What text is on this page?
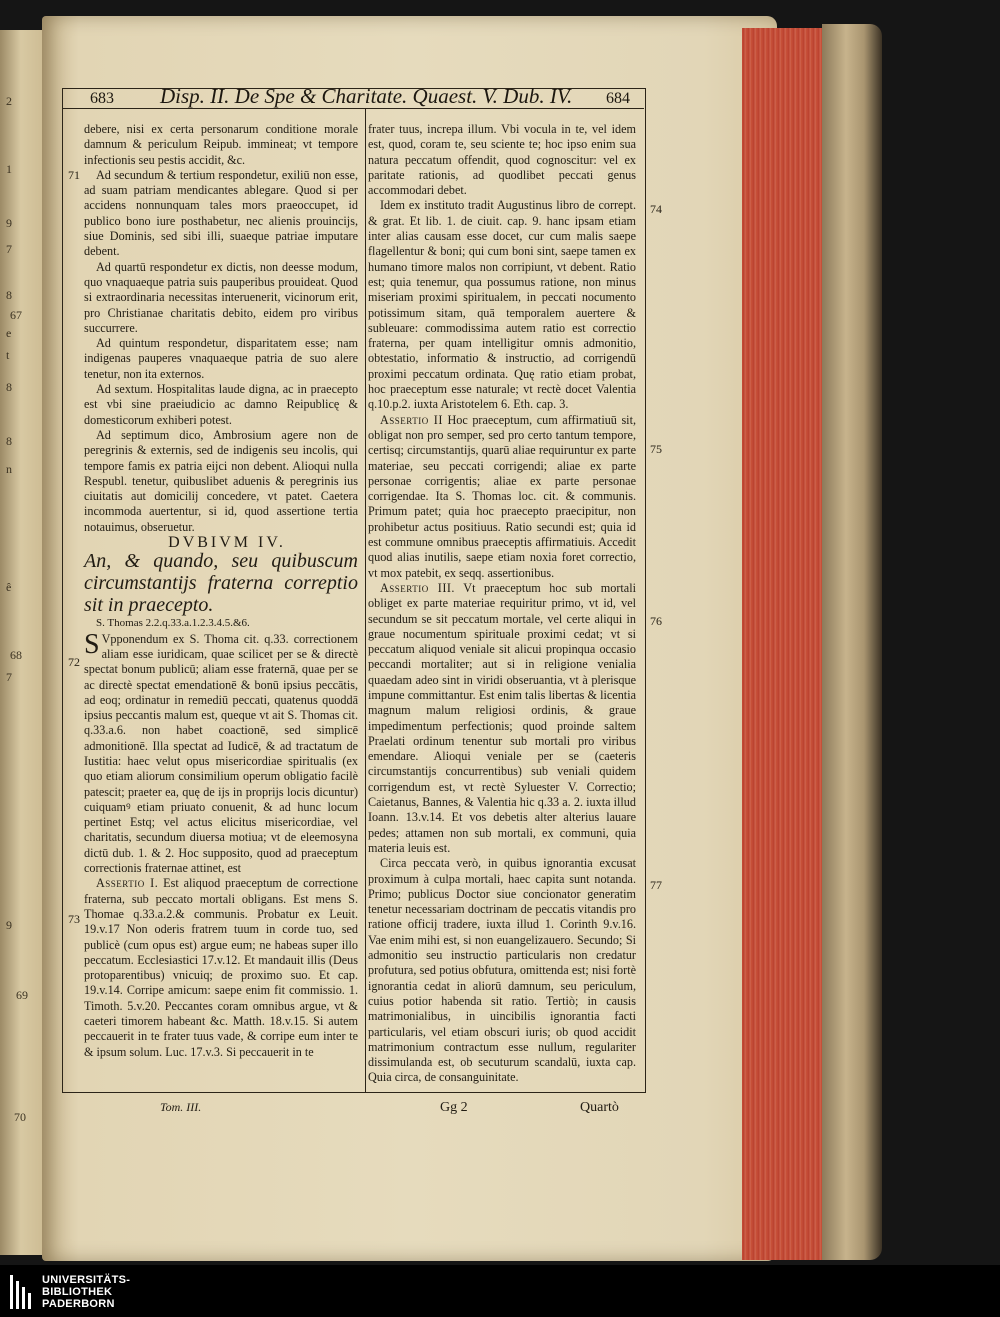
2
1
9
7
8
e
t
8
8
n
67
ê
68
69
7
9
70
683 Disp. II. De Spe & Charitate. Quaest. V. Dub. IV. 684
71
72
73
74
75
76
77

debere, nisi ex certa personarum conditione morale damnum & periculum Reipub. immineat; vt tempore infectionis seu pestis accidit, &c.

Ad secundum & tertium respondetur, exiliū non esse, ad suam patriam mendicantes ablegare. Quod si per accidens nonnunquam tales mors praeoccupet, id publico bono iure posthabetur, nec alienis prouincijs, siue Dominis, sed sibi illi, suaeque patriae imputare debent.

Ad quartū respondetur ex dictis, non deesse modum, quo vnaquaeque patria suis pauperibus prouideat. Quod si extraordinaria necessitas interuenerit, vicinorum erit, pro Christianae charitatis debito, eidem pro viribus succurrere.

Ad quintum respondetur, disparitatem esse; nam indigenas pauperes vnaquaeque patria de suo alere tenetur, non ita externos.

Ad sextum. Hospitalitas laude digna, ac in praecepto est vbi sine praeiudicio ac damno Reipublicę & domesticorum exhiberi potest.

Ad septimum dico, Ambrosium agere non de peregrinis & externis, sed de indigenis seu incolis, qui tempore famis ex patria eijci non debent. Alioqui nulla Respubl. tenetur, quibuslibet aduenis & peregrinis ius ciuitatis aut domicilij concedere, vt patet. Caetera incommoda auertentur, si id, quod assertione tertia notauimus, obseruetur.

DVBIVM IV.

An, & quando, seu quibuscum circumstantijs fraterna correptio sit in praecepto.

S. Thomas 2.2.q.33.a.1.2.3.4.5.&6.

S Vpponendum ex S. Thoma cit. q.33. correctionem aliam esse iuridicam, quae scilicet per se & directè spectat bonum publicū; aliam esse fraternā, quae per se ac directè spectat emendationē & bonū ipsius peccātis, ad eoq; ordinatur in remediū peccati, quatenus quoddā ipsius peccantis malum est, queque vt ait S. Thomas cit. q.33.a.6. non habet coactionē, sed simplicē admonitionē. Illa spectat ad Iudicē, & ad tractatum de Iustitia: haec velut opus misericordiae spiritualis (ex quo etiam aliorum consimilium operum obligatio facilè patescit; praeter ea, quę de ijs in proprijs locis dicuntur) cuiquamꝰ etiam priuato conuenit, & ad hunc locum pertinet Estq; vel actus elicitus misericordiae, vel charitatis, secundum diuersa motiua; vt de eleemosyna dictū dub. 1. & 2. Hoc supposito, quod ad praeceptum correctionis fraternae attinet, est

Assertio I. Est aliquod praeceptum de correctione fraterna, sub peccato mortali obligans. Est mens S. Thomae q.33.a.2.& communis. Probatur ex Leuit. 19.v.17 Non oderis fratrem tuum in corde tuo, sed publicè (cum opus est) argue eum; ne habeas super illo peccatum. Ecclesiastici 17.v.12. Et mandauit illis (Deus protoparentibus) vnicuiq; de proximo suo. Et cap. 19.v.14. Corripe amicum: saepe enim fit commissio. 1. Timoth. 5.v.20. Peccantes coram omnibus argue, vt & caeteri timorem habeant &c. Matth. 18.v.15. Si autem peccauerit in te frater tuus vade, & corripe eum inter te & ipsum solum. Luc. 17.v.3. Si peccauerit in te

frater tuus, increpa illum. Vbi vocula in te, vel idem est, quod, coram te, seu sciente te; hoc ipso enim sua natura peccatum offendit, quod cognoscitur: vel ex paritate rationis, ad quodlibet peccati genus accommodari debet.

Idem ex instituto tradit Augustinus libro de corrept. & grat. Et lib. 1. de ciuit. cap. 9. hanc ipsam etiam inter alias causam esse docet, cur cum malis saepe flagellentur & boni; qui cum boni sint, saepe tamen ex humano timore malos non corripiunt, vt debent. Ratio est; quia tenemur, qua possumus ratione, non minus miseriam proximi spiritualem, in peccati nocumento potissimum sitam, quā temporalem auertere & subleuare: commodissima autem ratio est correctio fraterna, per quam intelligitur omnis admonitio, obtestatio, informatio & instructio, ad corrigendū proximi peccatum ordinata. Quę ratio etiam probat, hoc praeceptum esse naturale; vt rectè docet Valentia q.10.p.2. iuxta Aristotelem 6. Eth. cap. 3.

Assertio II Hoc praeceptum, cum affirmatiuū sit, obligat non pro semper, sed pro certo tantum tempore, certisq; circumstantijs, quarū aliae requiruntur ex parte materiae, seu peccati corrigendi; aliae ex parte personae corrigentis; aliae ex parte personae corrigendae. Ita S. Thomas loc. cit. & communis. Primum patet; quia hoc praecepto praecipitur, non prohibetur actus positiuus. Ratio secundi est; quia id est commune omnibus praeceptis affirmatiuis. Accedit quod alias inutilis, saepe etiam noxia foret correctio, vt mox patebit, ex seqq. assertionibus.

Assertio III. Vt praeceptum hoc sub mortali obliget ex parte materiae requiritur primo, vt id, vel secundum se sit peccatum mortale, vel certe aliqui in graue nocumentum spirituale proximi cedat; vt si peccatum aliquod veniale sit alicui propinqua occasio peccandi mortaliter; aut si in religione venialia quaedam adeo sint in viridi obseruantia, vt à plerisque impune committantur. Est enim talis libertas & licentia magnum malum religiosi ordinis, & graue impedimentum perfectionis; quod proinde saltem Praelati ordinum tenentur sub mortali pro viribus emendare. Alioqui veniale per se (caeteris circumstantijs concurrentibus) sub veniali quidem corrigendum est, vt rectè Syluester V. Correctio; Caietanus, Bannes, & Valentia hic q.33 a. 2. iuxta illud Ioann. 13.v.14. Et vos debetis alter alterius lauare pedes; attamen non sub mortali, ex communi, quia materia leuis est.

Circa peccata verò, in quibus ignorantia excusat proximum à culpa mortali, haec capita sunt notanda. Primo; publicus Doctor siue concionator generatim tenetur necessariam doctrinam de peccatis vitandis pro ratione officij tradere, iuxta illud 1. Corinth 9.v.16. Vae enim mihi est, si non euangelizauero. Secundo; Si admonitio seu instructio particularis non credatur profutura, sed potius obfutura, omittenda est; nisi fortè ignorantia cedat in aliorū damnum, seu periculum, cuius potior habenda sit ratio. Tertiò; in causis matrimonialibus, in uincibilis ignorantia facti particularis, vel etiam obscuri iuris; ob quod accidit matrimonium contractum esse nullum, regulariter dissimulanda est, ob secuturum scandalū, iuxta cap. Quia circa, de consanguinitate.

Tom. III.	Gg 2	Quartò
UNIVERSITÄTS-
BIBLIOTHEK
PADERBORN
